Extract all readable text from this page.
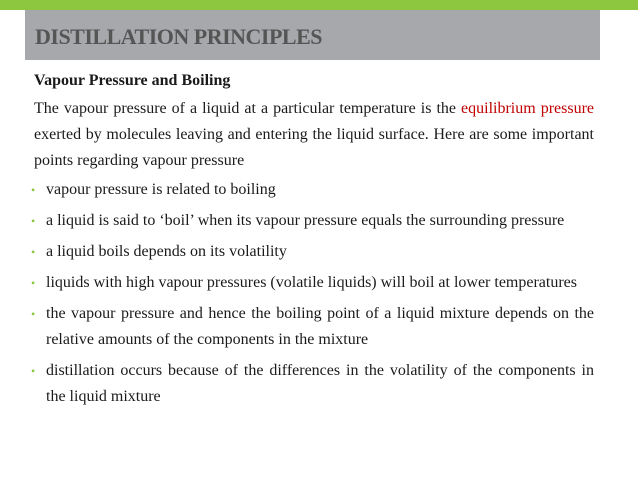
DISTILLATION PRINCIPLES
Vapour Pressure and Boiling

The vapour pressure of a liquid at a particular temperature is the equilibrium pressure exerted by molecules leaving and entering the liquid surface. Here are some important points regarding vapour pressure

• vapour pressure is related to boiling
• a liquid is said to ‘boil’ when its vapour pressure equals the surrounding pressure
• a liquid boils depends on its volatility
• liquids with high vapour pressures (volatile liquids) will boil at lower temperatures
• the vapour pressure and hence the boiling point of a liquid mixture depends on the relative amounts of the components in the mixture
• distillation occurs because of the differences in the volatility of the components in the liquid mixture
